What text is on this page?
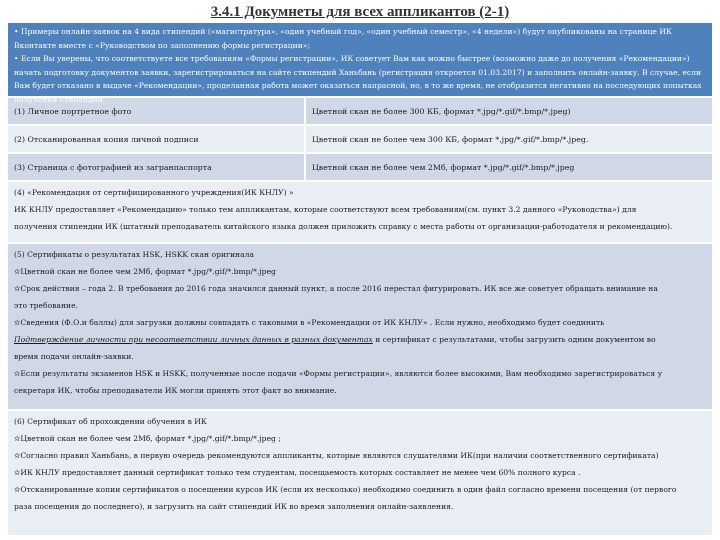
3.4.1 Докумнеты для всех аппликантов (2-1)

• Примеры онлайн-заявок на 4 вида стипендий («магистратура», «один учебный год», «один учебный семестр», «4 недели») будут опубликованы на странице ИК Вконтакте вместе с «Руководством по заполнению формы регистрации»;

• Если Вы уверены, что соответствуете все требованиям «Формы регистрации», ИК советует Вам как можно быстрее (возможно даже до получения «Рекомендации») начать подготовку документов заявки, зарегистрироваться на сайте стипендий Ханьбань (регистрация откроется 01.03.2017) и заполнить онлайн-заявку. В случае, если Вам будет отказано в выдаче «Рекомендации», проделанная работа может оказаться напрасной, но, в то же время, не отобразится негативно на последующих попытках получения стипендии.

(1) Личное портретное фото	Цветной скан не более 300 КБ, формат *.jpg/*.gif/*.bmp/*.jpeg)
(2) Отсканированная копия личной подписи	Цветной скан не более чем 300 КБ, формат *.jpg/*.gif/*.bmp/*.jpeg.
(3) Страница с фотографией из загранпаспорта	Цветной скан не более чем 2Мб, формат *.jpg/*.gif/*.bmp/*.jpeg

(4) «Рекомендация от сертифицированного учреждения(ИК КНЛУ) »

ИК КНЛУ предоставляет «Рекомендацию» только тем аппликантам, которые соответствуют всем требованиям(см. пункт 3.2 данного «Руководства») для

получения стипендии ИК (штатный преподаватель китайского языка должен приложить справку с места работы от организации-работодателя и рекомендацию).

(5) Сертификаты о результатах HSK, HSKK скан оригинала

✫Цветной скан не более чем 2Мб, формат *.jpg/*.gif/*.bmp/*.jpeg

✫Срок действия – года 2. В требования до 2016 года значился данный пункт, а после 2016 перестал фигурировать. ИК все же советует обращать внимание на

это требование.

✫Сведения (Ф.О.и баллы) для загрузки должны совпадать с таковыми в «Рекомендации от ИК КНЛУ» . Если нужно, необходимо будет соединить

Подтверждение личности при несоответствии личных данных в разных документах и сертификат с результатами, чтобы загрузить одним документом во

время подачи онлайн-заявки.

✫Если результаты экзаменов HSK и HSKK, полученные после подачи «Формы регистрации», являются более высокими, Вам необходимо зарегистрироваться у

секретаря ИК, чтобы преподаватели ИК могли принять этот факт во внимание.

(6) Сертификат об прохождении обучения в ИК

✫Цветной скан не более чем 2Мб, формат *.jpg/*.gif/*.bmp/*.jpeg ;

✫Согласно правил Ханьбань, в первую очередь рекомендуются аппликанты, которые являются слушателями ИК(при наличии соответственного сертификата)

✫ИК КНЛУ предоставляет данный сертификат только тем студентам, посещаемость которых составляет не менее чем 60% полного курса .

✫Отсканированные копии сертификатов о посещении курсов ИК (если их несколько) необходимо соединить в один файл согласно времени посещения (от первого

раза посещения до последнего), и загрузить на сайт стипендий ИК во время заполнения онлайн-заявления.
